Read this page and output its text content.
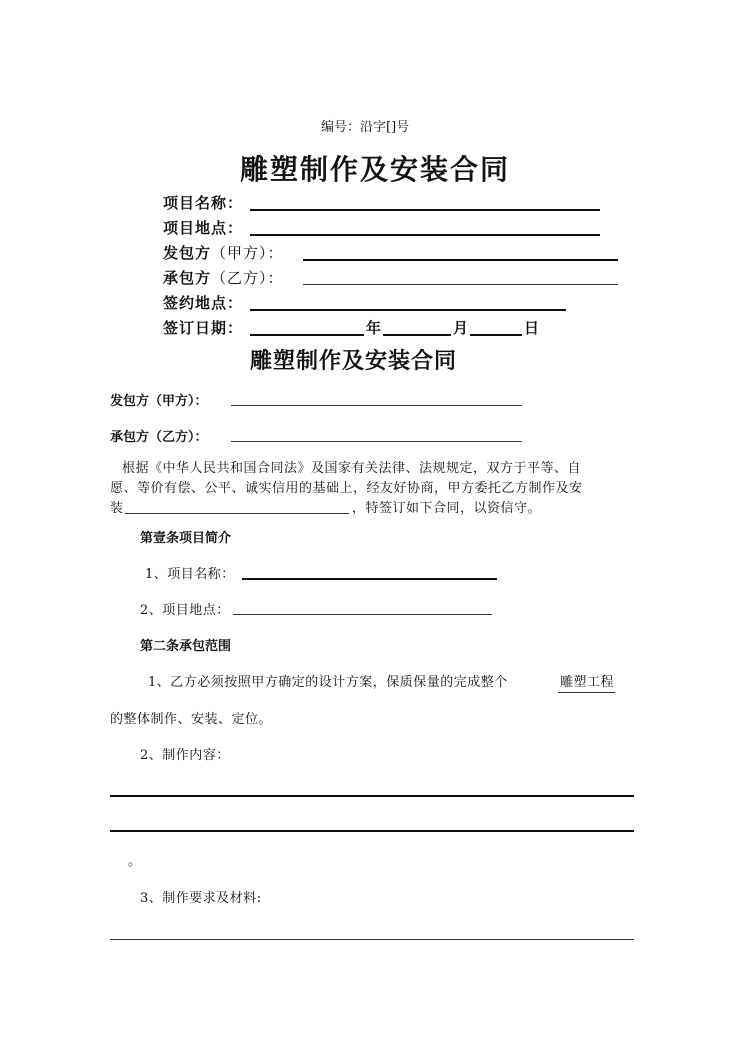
编号：沿字[]号
雕塑制作及安装合同
项目名称：
项目地点：
发包方（甲方）：
承包方（乙方）：
签约地点：
签订日期：	年	月	日
雕塑制作及安装合同
发包方（甲方）：
承包方（乙方）：
根据《中华人民共和国合同法》及国家有关法律、法规规定，双方于平等、自
愿、等价有偿、公平、诚实信用的基础上，经友好协商，甲方委托乙方制作及安
装	，特签订如下合同，以资信守。
第壹条项目简介
1、项目名称：
2、项目地点：
第二条承包范围
1、乙方必须按照甲方确定的设计方案，保质保量的完成整个	雕塑工程
的整体制作、安装、定位。
2、制作内容：
。
3、制作要求及材料:
